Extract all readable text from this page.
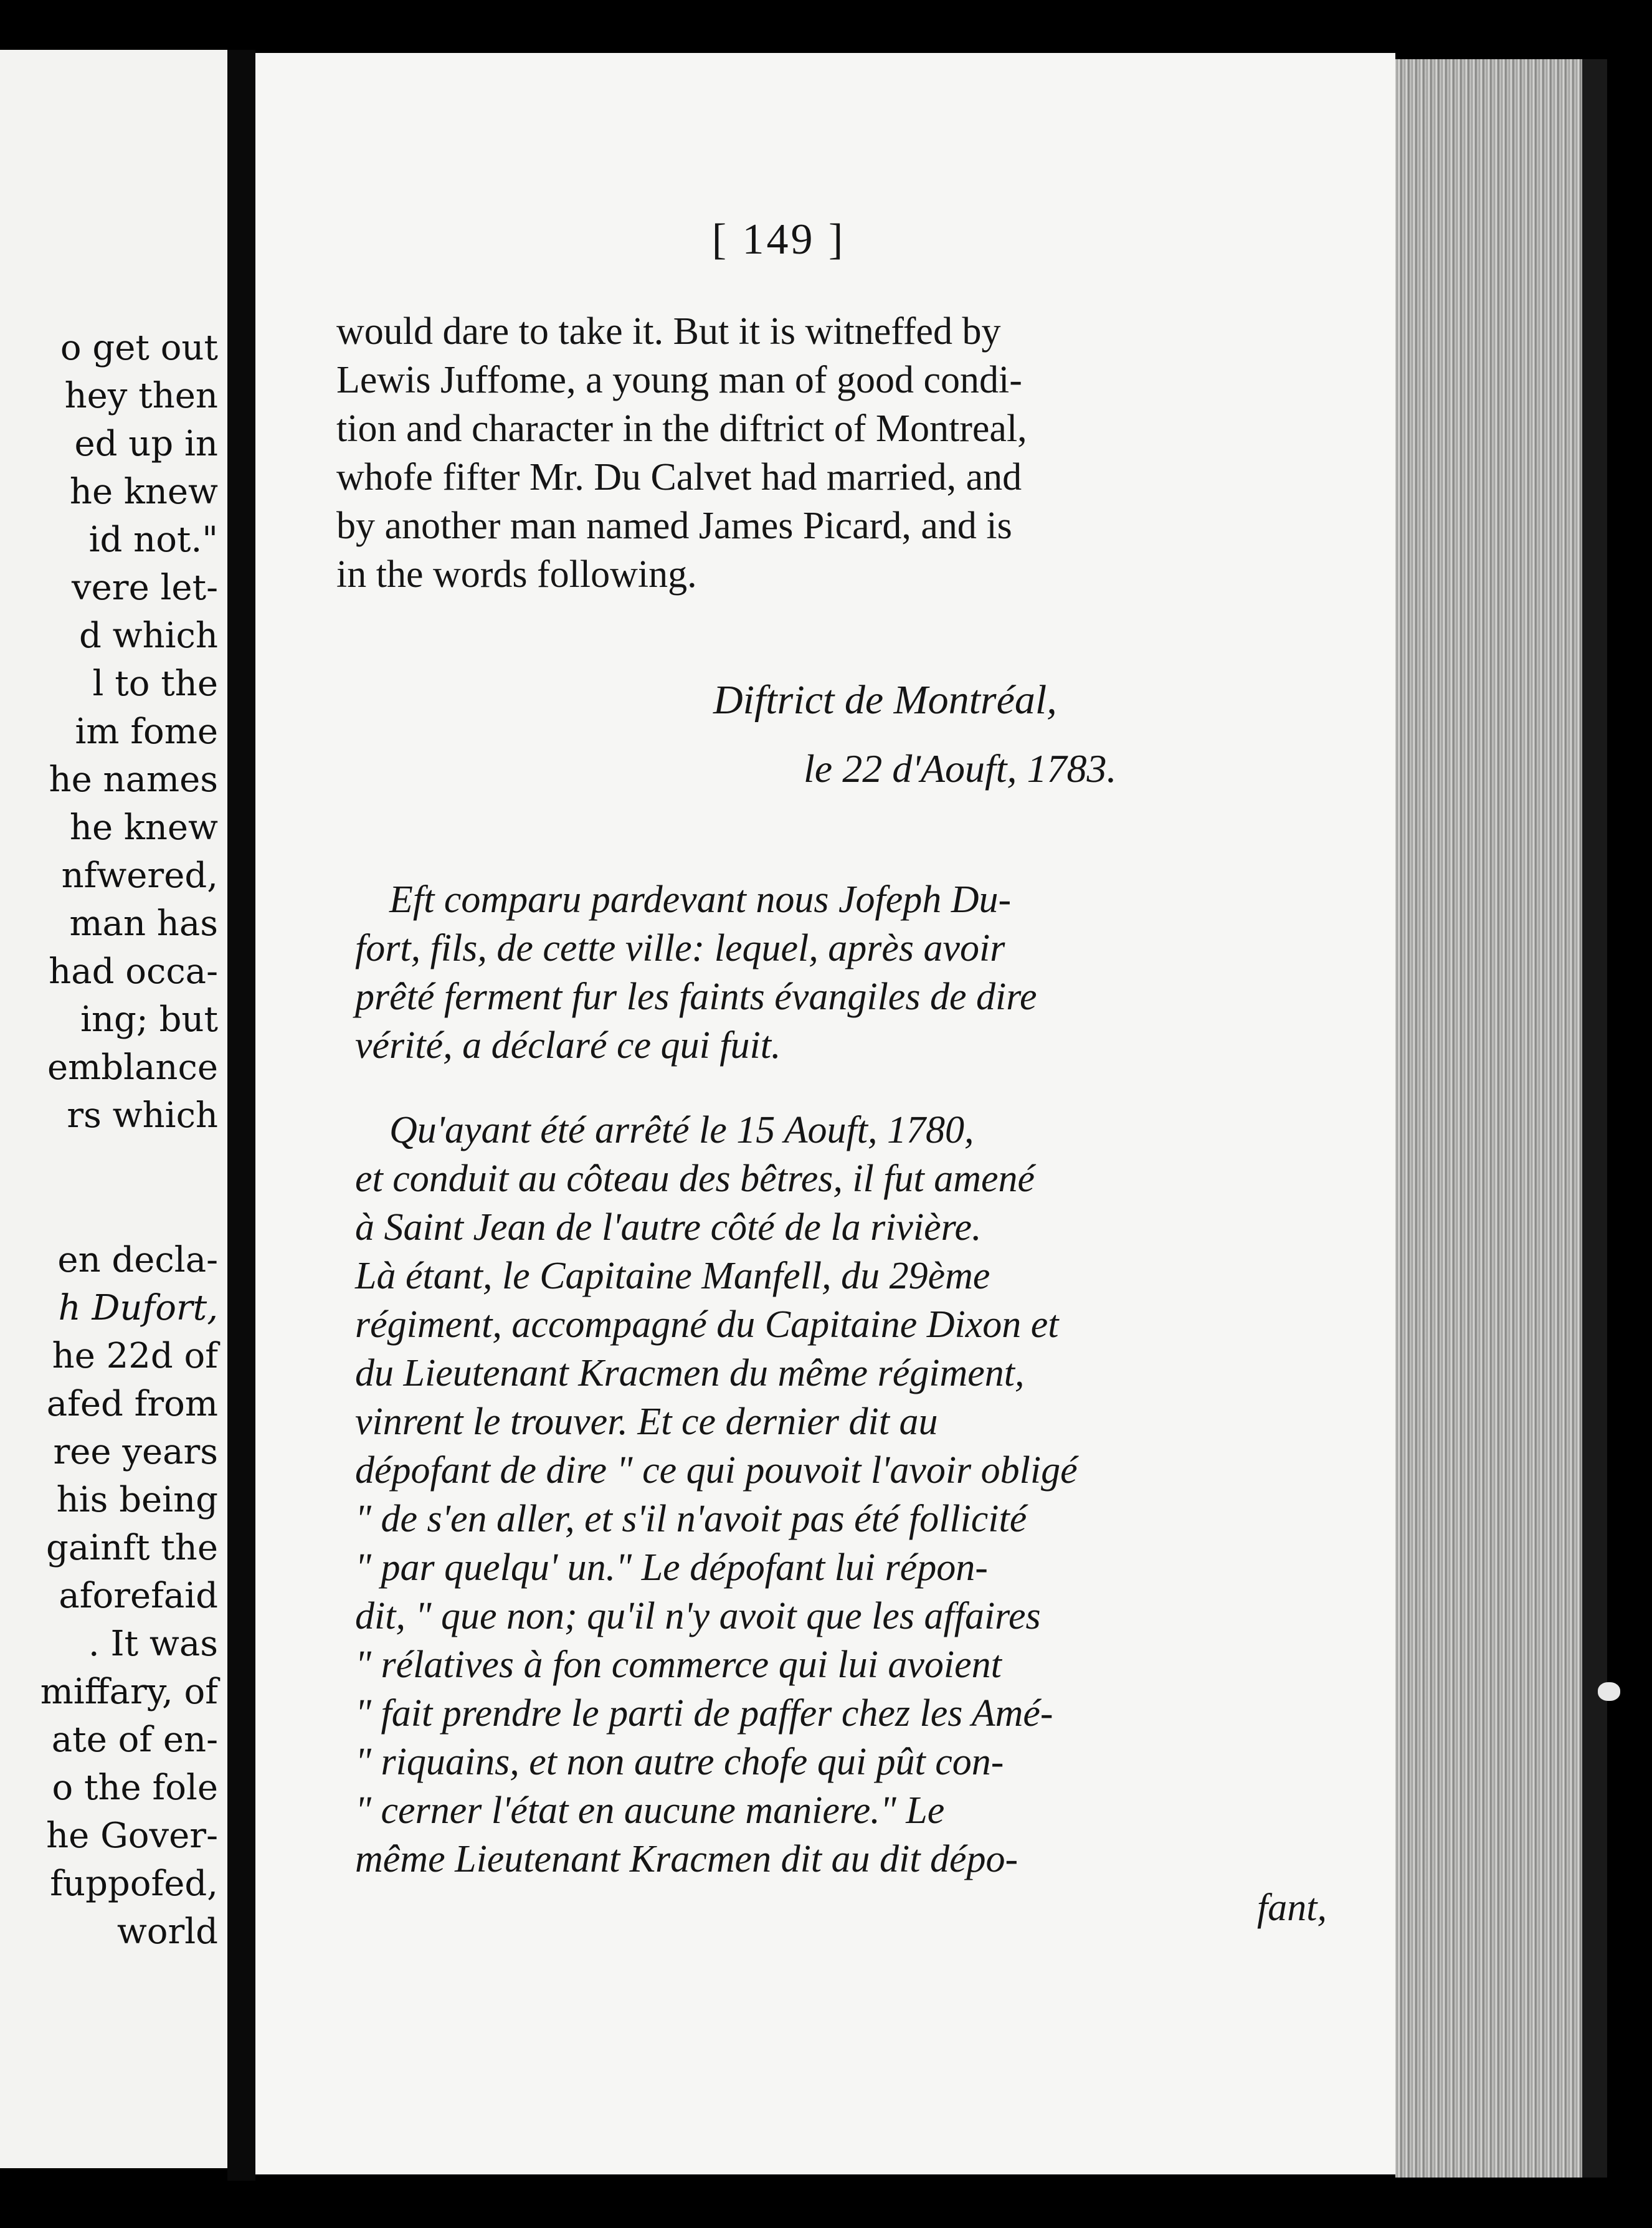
o get out
hey then
ed up in
he knew
id not."
vere let-
d which
l to the
im fome
he names
he knew
nfwered,
man has
had occa-
ing; but
emblance
rs which
en decla-
h Dufort,
he 22d of
afed from
ree years
his being
gainft the
aforefaid
. It was
miffary, of
ate of en-
o the fole
he Gover-
fuppofed,
world
[ 149 ]
would dare to take it. But it is witneffed by
Lewis Juffome, a young man of good condi-
tion and character in the diftrict of Montreal,
whofe fifter Mr. Du Calvet had married, and
by another man named James Picard, and is
in the words following.
Diftrict de Montréal,
le 22 d'Aouft, 1783.
Eft comparu pardevant nous Jofeph Du-
fort, fils, de cette ville: lequel, après avoir
prêté ferment fur les faints évangiles de dire
vérité, a déclaré ce qui fuit.
Qu'ayant été arrêté le 15 Aouft, 1780,
et conduit au côteau des bêtres, il fut amené
à Saint Jean de l'autre côté de la rivière.
Là étant, le Capitaine Manfell, du 29ème
régiment, accompagné du Capitaine Dixon et
du Lieutenant Kracmen du même régiment,
vinrent le trouver. Et ce dernier dit au
dépofant de dire " ce qui pouvoit l'avoir obligé
" de s'en aller, et s'il n'avoit pas été follicité
" par quelqu' un." Le dépofant lui répon-
dit, " que non; qu'il n'y avoit que les affaires
" rélatives à fon commerce qui lui avoient
" fait prendre le parti de paffer chez les Amé-
" riquains, et non autre chofe qui pût con-
" cerner l'état en aucune maniere." Le
même Lieutenant Kracmen dit au dit dépo-
fant,
